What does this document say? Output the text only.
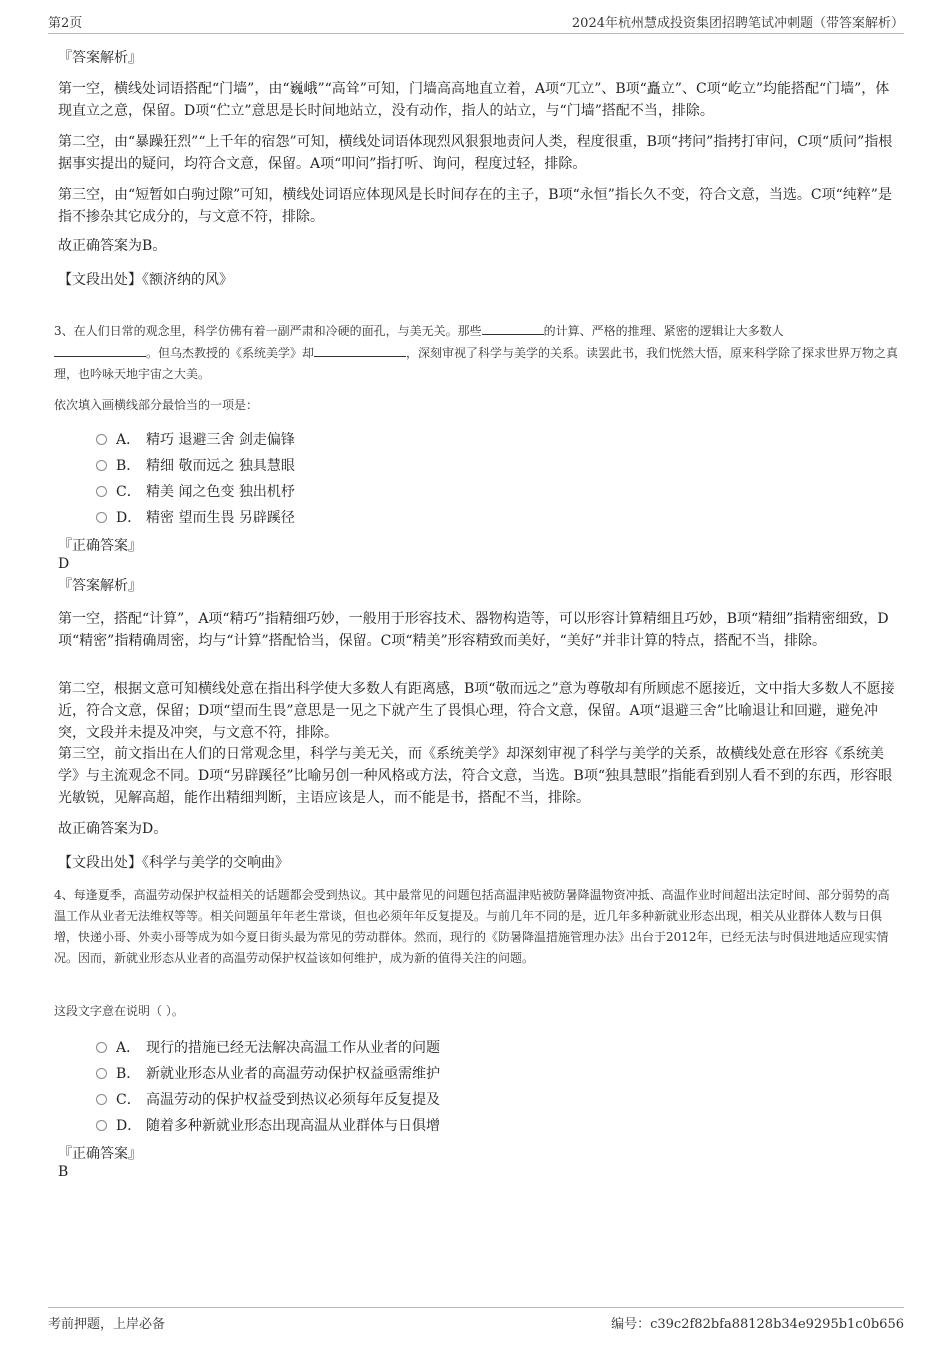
第2页	2024年杭州慧成投资集团招聘笔试冲刺题（带答案解析）
『答案解析』

第一空，横线处词语搭配“门墙”，由“巍峨”“高耸”可知，门墙高高地直立着，A项“兀立”、B项“矗立”、C项“屹立”均能搭配“门墙”，体现直立之意，保留。D项“伫立”意思是长时间地站立，没有动作，指人的站立，与“门墙”搭配不当，排除。

第二空，由“暴躁狂烈”“上千年的宿怨”可知，横线处词语体现烈风狠狠地责问人类，程度很重，B项“拷问”指拷打审问，C项“质问”指根据事实提出的疑问，均符合文意，保留。A项“叩问”指打听、询问，程度过轻，排除。

第三空，由“短暂如白驹过隙”可知，横线处词语应体现风是长时间存在的主子，B项“永恒”指长久不变，符合文意，当选。C项“纯粹”是指不掺杂其它成分的，与文意不符，排除。

故正确答案为B。
【文段出处】《额济纳的风》
3、在人们日常的观念里，科学仿佛有着一副严肃和冷硬的面孔，与美无关。那些	的计算、严格的推理、紧密的逻辑让大多数人
。但乌杰教授的《系统美学》却	，深刻审视了科学与美学的关系。读罢此书，我们恍然大悟，原来科学除了探求世界万物之真理，也吟咏天地宇宙之大美。
依次填入画横线部分最恰当的一项是：
A． 精巧 退避三舍 剑走偏锋
B． 精细 敬而远之 独具慧眼
C． 精美 闻之色变 独出机杼
D． 精密 望而生畏 另辟蹊径
『正确答案』
D
『答案解析』

第一空，搭配“计算”，A项“精巧”指精细巧妙，一般用于形容技术、器物构造等，可以形容计算精细且巧妙，B项“精细”指精密细致，D项“精密”指精确周密，均与“计算”搭配恰当，保留。C项“精美”形容精致而美好，“美好”并非计算的特点，搭配不当，排除。

第二空，根据文意可知横线处意在指出科学使大多数人有距离感，B项“敬而远之”意为尊敬却有所顾虑不愿接近，文中指大多数人不愿接近，符合文意，保留；D项“望而生畏”意思是一见之下就产生了畏惧心理，符合文意，保留。A项“退避三舍”比喻退让和回避，避免冲突，文段并未提及冲突，与文意不符，排除。

第三空，前文指出在人们的日常观念里，科学与美无关，而《系统美学》却深刻审视了科学与美学的关系，故横线处意在形容《系统美学》与主流观念不同。D项“另辟蹊径”比喻另创一种风格或方法，符合文意，当选。B项“独具慧眼”指能看到别人看不到的东西，形容眼光敏锐，见解高超，能作出精细判断，主语应该是人，而不能是书，搭配不当，排除。

故正确答案为D。
【文段出处】《科学与美学的交响曲》

4、每逢夏季，高温劳动保护权益相关的话题都会受到热议。其中最常见的问题包括高温津贴被防暑降温物资冲抵、高温作业时间超出法定时间、部分弱势的高温工作从业者无法维权等等。相关问题虽年年老生常谈，但也必须年年反复提及。与前几年不同的是，近几年多种新就业形态出现，相关从业群体人数与日俱增，快递小哥、外卖小哥等成为如今夏日街头最为常见的劳动群体。然而，现行的《防暑降温措施管理办法》出台于2012年，已经无法与时俱进地适应现实情况。因而，新就业形态从业者的高温劳动保护权益该如何维护，成为新的值得关注的问题。

这段文字意在说明（ ）。
A． 现行的措施已经无法解决高温工作从业者的问题
B． 新就业形态从业者的高温劳动保护权益亟需维护
C． 高温劳动的保护权益受到热议必须每年反复提及
D． 随着多种新就业形态出现高温从业群体与日俱增
『正确答案』
B
考前押题，上岸必备	编号：c39c2f82bfa88128b34e9295b1c0b656
